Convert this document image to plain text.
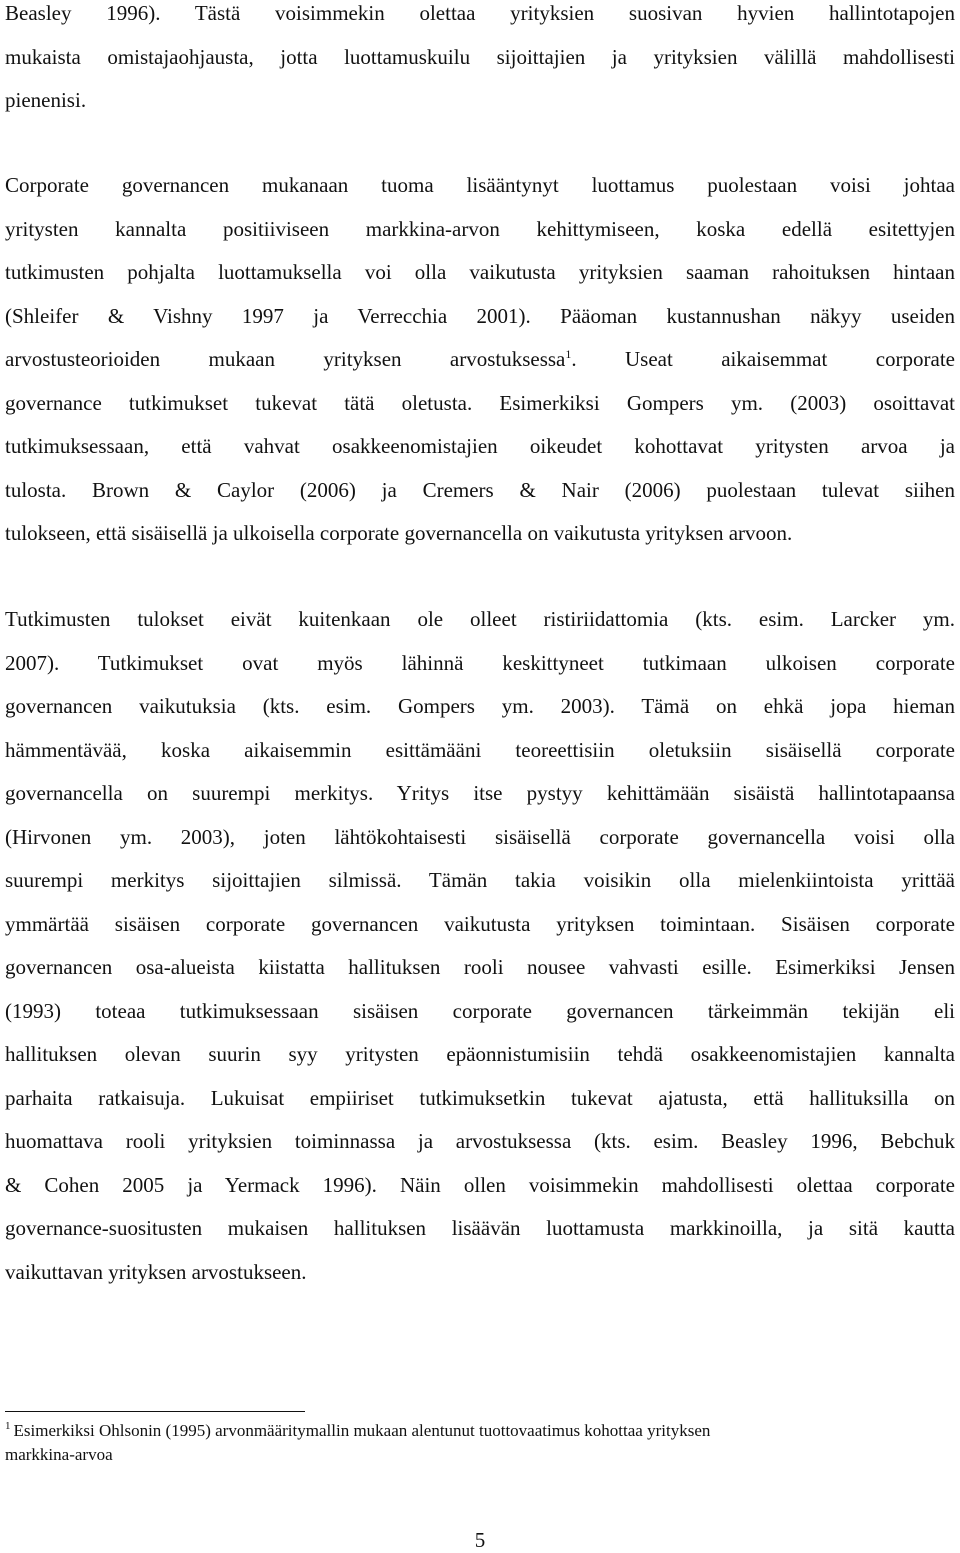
Beasley 1996). Tästä voisimmekin olettaa yrityksien suosivan hyvien hallintotapojen
mukaista omistajaohjausta, jotta luottamuskuilu sijoittajien ja yrityksien välillä mahdollisesti
pienenisi.
Corporate governancen mukanaan tuoma lisääntynyt luottamus puolestaan voisi johtaa
yritysten kannalta positiiviseen markkina-arvon kehittymiseen, koska edellä esitettyjen
tutkimusten pohjalta luottamuksella voi olla vaikutusta yrityksien saaman rahoituksen hintaan
(Shleifer & Vishny 1997 ja Verrecchia 2001). Pääoman kustannushan näkyy useiden
arvostusteorioiden mukaan yrityksen arvostuksessa$^1$. Useat aikaisemmat corporate
governance tutkimukset tukevat tätä oletusta. Esimerkiksi Gompers ym. (2003) osoittavat
tutkimuksessaan, että vahvat osakkeenomistajien oikeudet kohottavat yritysten arvoa ja
tulosta. Brown & Caylor (2006) ja Cremers & Nair (2006) puolestaan tulevat siihen
tulokseen, että sisäisellä ja ulkoisella corporate governancella on vaikutusta yrityksen arvoon.
Tutkimusten tulokset eivät kuitenkaan ole olleet ristiriidattomia (kts. esim. Larcker ym.
2007). Tutkimukset ovat myös lähinnä keskittyneet tutkimaan ulkoisen corporate
governancen vaikutuksia (kts. esim. Gompers ym. 2003). Tämä on ehkä jopa hieman
hämmentävää, koska aikaisemmin esittämääni teoreettisiin oletuksiin sisäisellä corporate
governancella on suurempi merkitys. Yritys itse pystyy kehittämään sisäistä hallintotapaansa
(Hirvonen ym. 2003), joten lähtökohtaisesti sisäisellä corporate governancella voisi olla
suurempi merkitys sijoittajien silmissä. Tämän takia voisikin olla mielenkiintoista yrittää
ymmärtää sisäisen corporate governancen vaikutusta yrityksen toimintaan. Sisäisen corporate
governancen osa-alueista kiistatta hallituksen rooli nousee vahvasti esille. Esimerkiksi Jensen
(1993) toteaa tutkimuksessaan sisäisen corporate governancen tärkeimmän tekijän eli
hallituksen olevan suurin syy yritysten epäonnistumisiin tehdä osakkeenomistajien kannalta
parhaita ratkaisuja. Lukuisat empiiriset tutkimuksetkin tukevat ajatusta, että hallituksilla on
huomattava rooli yrityksien toiminnassa ja arvostuksessa (kts. esim. Beasley 1996, Bebchuk
& Cohen 2005 ja Yermack 1996). Näin ollen voisimmekin mahdollisesti olettaa corporate
governance-suositusten mukaisen hallituksen lisäävän luottamusta markkinoilla, ja sitä kautta
vaikuttavan yrityksen arvostukseen.
$^1$ Esimerkiksi Ohlsonin (1995) arvonmääritymallin mukaan alentunut tuottovaatimus kohottaa yrityksen
markkina-arvoa
5
